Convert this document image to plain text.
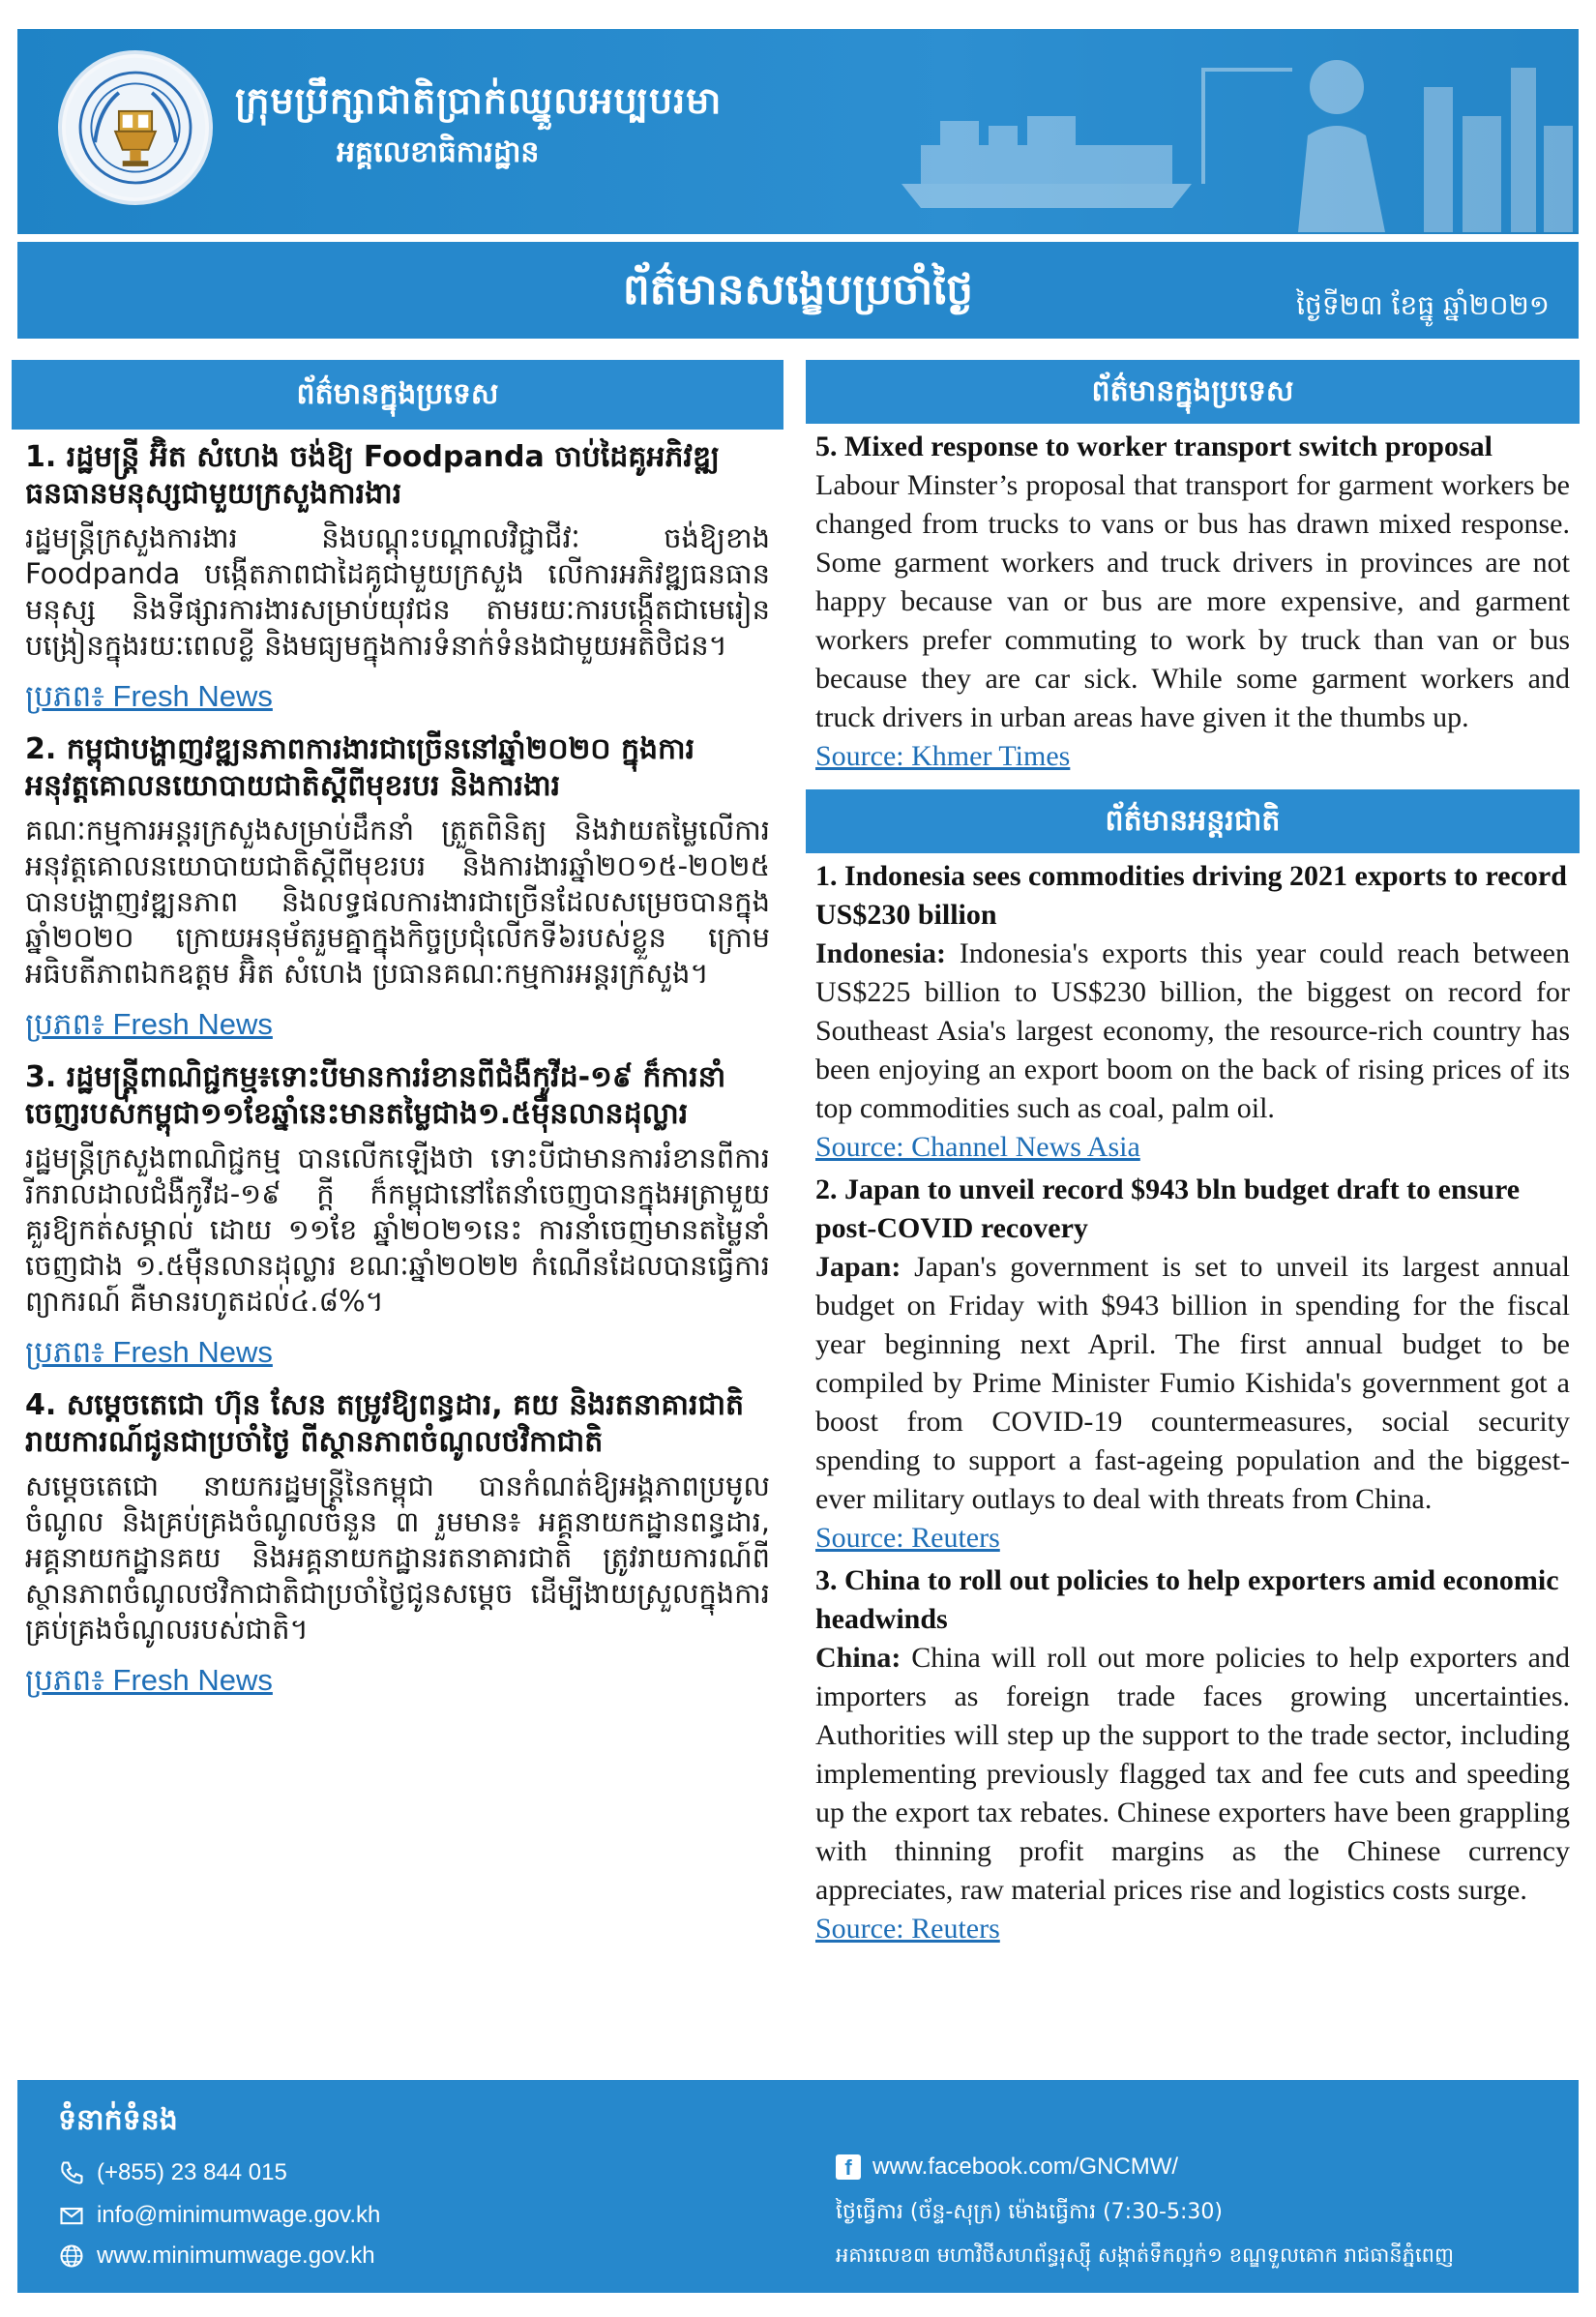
ក្រុមប្រឹក្សាជាតិប្រាក់ឈ្នួលអប្បបរមា
អគ្គលេខាធិការដ្ឋាន
ព័ត៌មានសង្ខេបប្រចាំថ្ងៃ	ថ្ងៃទី២៣ ខែធ្នូ ឆ្នាំ២០២១
ព័ត៌មានក្នុងប្រទេស
1. រដ្ឋមន្ត្រី អ៊ិត សំហេង ចង់ឱ្យ Foodpanda ចាប់ដៃគូអភិវឌ្ឍធនធានមនុស្សជាមួយក្រសួងការងារ
រដ្ឋមន្ត្រីក្រសួងការងារ និងបណ្តុះបណ្តាលវិជ្ជាជីវៈ ចង់ឱ្យខាង Foodpanda បង្កើតភាពជាដៃគូជាមួយក្រសួង លើការអភិវឌ្ឍធនធានមនុស្ស និងទីផ្សារការងារសម្រាប់យុវជន តាមរយៈការបង្កើតជាមេរៀនបង្រៀនក្នុងរយៈពេលខ្លី និងមធ្យមក្នុងការទំនាក់ទំនងជាមួយអតិថិជន។
ប្រភព៖ Fresh News
2. កម្ពុជាបង្ហាញវឌ្ឍនភាពការងារជាច្រើននៅឆ្នាំ២០២០ ក្នុងការអនុវត្តគោលនយោបាយជាតិស្តីពីមុខរបរ និងការងារ
គណៈកម្មការអន្តរក្រសួងសម្រាប់ដឹកនាំ ត្រួតពិនិត្យ និងវាយតម្លៃលើការអនុវត្តគោលនយោបាយជាតិស្តីពីមុខរបរ និងការងារឆ្នាំ២០១៥-២០២៥ បានបង្ហាញវឌ្ឍនភាព និងលទ្ធផលការងារជាច្រើនដែលសម្រេចបានក្នុងឆ្នាំ២០២០ ក្រោយអនុម័តរួមគ្នាក្នុងកិច្ចប្រជុំលើកទី៦របស់ខ្លួន ក្រោមអធិបតីភាពឯកឧត្តម អ៊ិត សំហេង ប្រធានគណៈកម្មការអន្តរក្រសួង។
ប្រភព៖ Fresh News
3. រដ្ឋមន្ត្រីពាណិជ្ជកម្ម៖ទោះបីមានការរំខានពីជំងឺកូវីដ-១៩ ក៏ការនាំចេញរបស់កម្ពុជា១១ខែឆ្នាំនេះមានតម្លៃជាង១.៥ម៉ឺនលានដុល្លារ
រដ្ឋមន្ត្រីក្រសួងពាណិជ្ជកម្ម បានលើកឡើងថា ទោះបីជាមានការរំខានពីការរីករាលដាលជំងឺកូវីដ-១៩ ក្តី ក៏កម្ពុជានៅតែនាំចេញបានក្នុងអត្រាមួយគួរឱ្យកត់សម្គាល់ ដោយ ១១ខែ ឆ្នាំ២០២១នេះ ការនាំចេញមានតម្លៃនាំចេញជាង ១.៥ម៉ឺនលានដុល្លារ ខណៈឆ្នាំ២០២២ កំណើនដែលបានធ្វើការព្យាករណ៍ គឺមានរហូតដល់៤.៨%។
ប្រភព៖ Fresh News
4. សម្តេចតេជោ ហ៊ុន សែន តម្រូវឱ្យពន្ធដារ, គយ និងរតនាគារជាតិ រាយការណ៍ជូនជាប្រចាំថ្ងៃ ពីស្ថានភាពចំណូលថវិកាជាតិ
សម្តេចតេជោ នាយករដ្ឋមន្ត្រីនៃកម្ពុជា បានកំណត់ឱ្យអង្គភាពប្រមូលចំណូល និងគ្រប់គ្រងចំណូលចំនួន ៣ រួមមាន៖ អគ្គនាយកដ្ឋានពន្ធដារ, អគ្គនាយកដ្ឋានគយ និងអគ្គនាយកដ្ឋានរតនាគារជាតិ ត្រូវរាយការណ៍ពីស្ថានភាពចំណូលថវិកាជាតិជាប្រចាំថ្ងៃជូនសម្តេច ដើម្បីងាយស្រួលក្នុងការគ្រប់គ្រងចំណូលរបស់ជាតិ។
ប្រភព៖ Fresh News
ព័ត៌មានក្នុងប្រទេស
5. Mixed response to worker transport switch proposal
Labour Minster’s proposal that transport for garment workers be changed from trucks to vans or bus has drawn mixed response. Some garment workers and truck drivers in provinces are not happy because van or bus are more expensive, and garment workers prefer commuting to work by truck than van or bus because they are car sick. While some garment workers and truck drivers in urban areas have given it the thumbs up.
Source: Khmer Times
ព័ត៌មានអន្តរជាតិ
1. Indonesia sees commodities driving 2021 exports to record US$230 billion
Indonesia: Indonesia's exports this year could reach between US$225 billion to US$230 billion, the biggest on record for Southeast Asia's largest economy, the resource-rich country has been enjoying an export boom on the back of rising prices of its top commodities such as coal, palm oil.
Source: Channel News Asia
2. Japan to unveil record $943 bln budget draft to ensure post-COVID recovery
Japan: Japan's government is set to unveil its largest annual budget on Friday with $943 billion in spending for the fiscal year beginning next April. The first annual budget to be compiled by Prime Minister Fumio Kishida's government got a boost from COVID-19 countermeasures, social security spending to support a fast-ageing population and the biggest-ever military outlays to deal with threats from China.
Source: Reuters
3. China to roll out policies to help exporters amid economic headwinds
China: China will roll out more policies to help exporters and importers as foreign trade faces growing uncertainties. Authorities will step up the support to the trade sector, including implementing previously flagged tax and fee cuts and speeding up the export tax rebates. Chinese exporters have been grappling with thinning profit margins as the Chinese currency appreciates, raw material prices rise and logistics costs surge.
Source: Reuters
ទំនាក់ទំនង
(+855) 23 844 015
info@minimumwage.gov.kh
www.minimumwage.gov.kh
f www.facebook.com/GNCMW/
ថ្ងៃធ្វើការ (ច័ន្ទ-សុក្រ) ម៉ោងធ្វើការ (7:30-5:30)
អគារលេខ៣ មហាវិថីសហព័ន្ធរុស្ស៊ី សង្កាត់ទឹកល្អក់១ ខណ្ឌទួលគោក រាជធានីភ្នំពេញ
